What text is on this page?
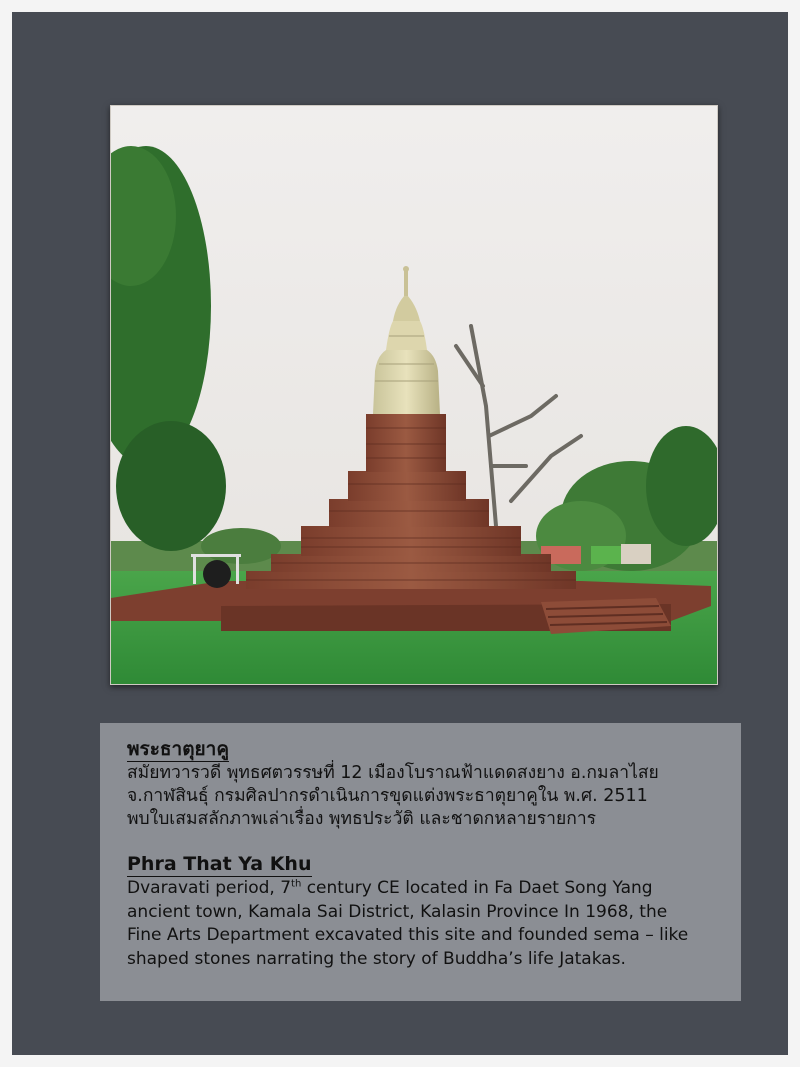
พระธาตุยาคู

สมัยทวารวดี พุทธศตวรรษที่ 12 เมืองโบราณฟ้าแดดสงยาง อ.กมลาไสย

จ.กาฬสินธุ์ กรมศิลปากรดำเนินการขุดแต่งพระธาตุยาคูใน พ.ศ. 2511

พบใบเสมสลักภาพเล่าเรื่อง พุทธประวัติ และชาดกหลายรายการ

Phra That Ya Khu

Dvaravati period, 7th century CE located in Fa Daet Song Yang

ancient town, Kamala Sai District, Kalasin Province In 1968, the

Fine Arts Department excavated this site and founded sema – like

shaped stones narrating the story of Buddha’s life Jatakas.
